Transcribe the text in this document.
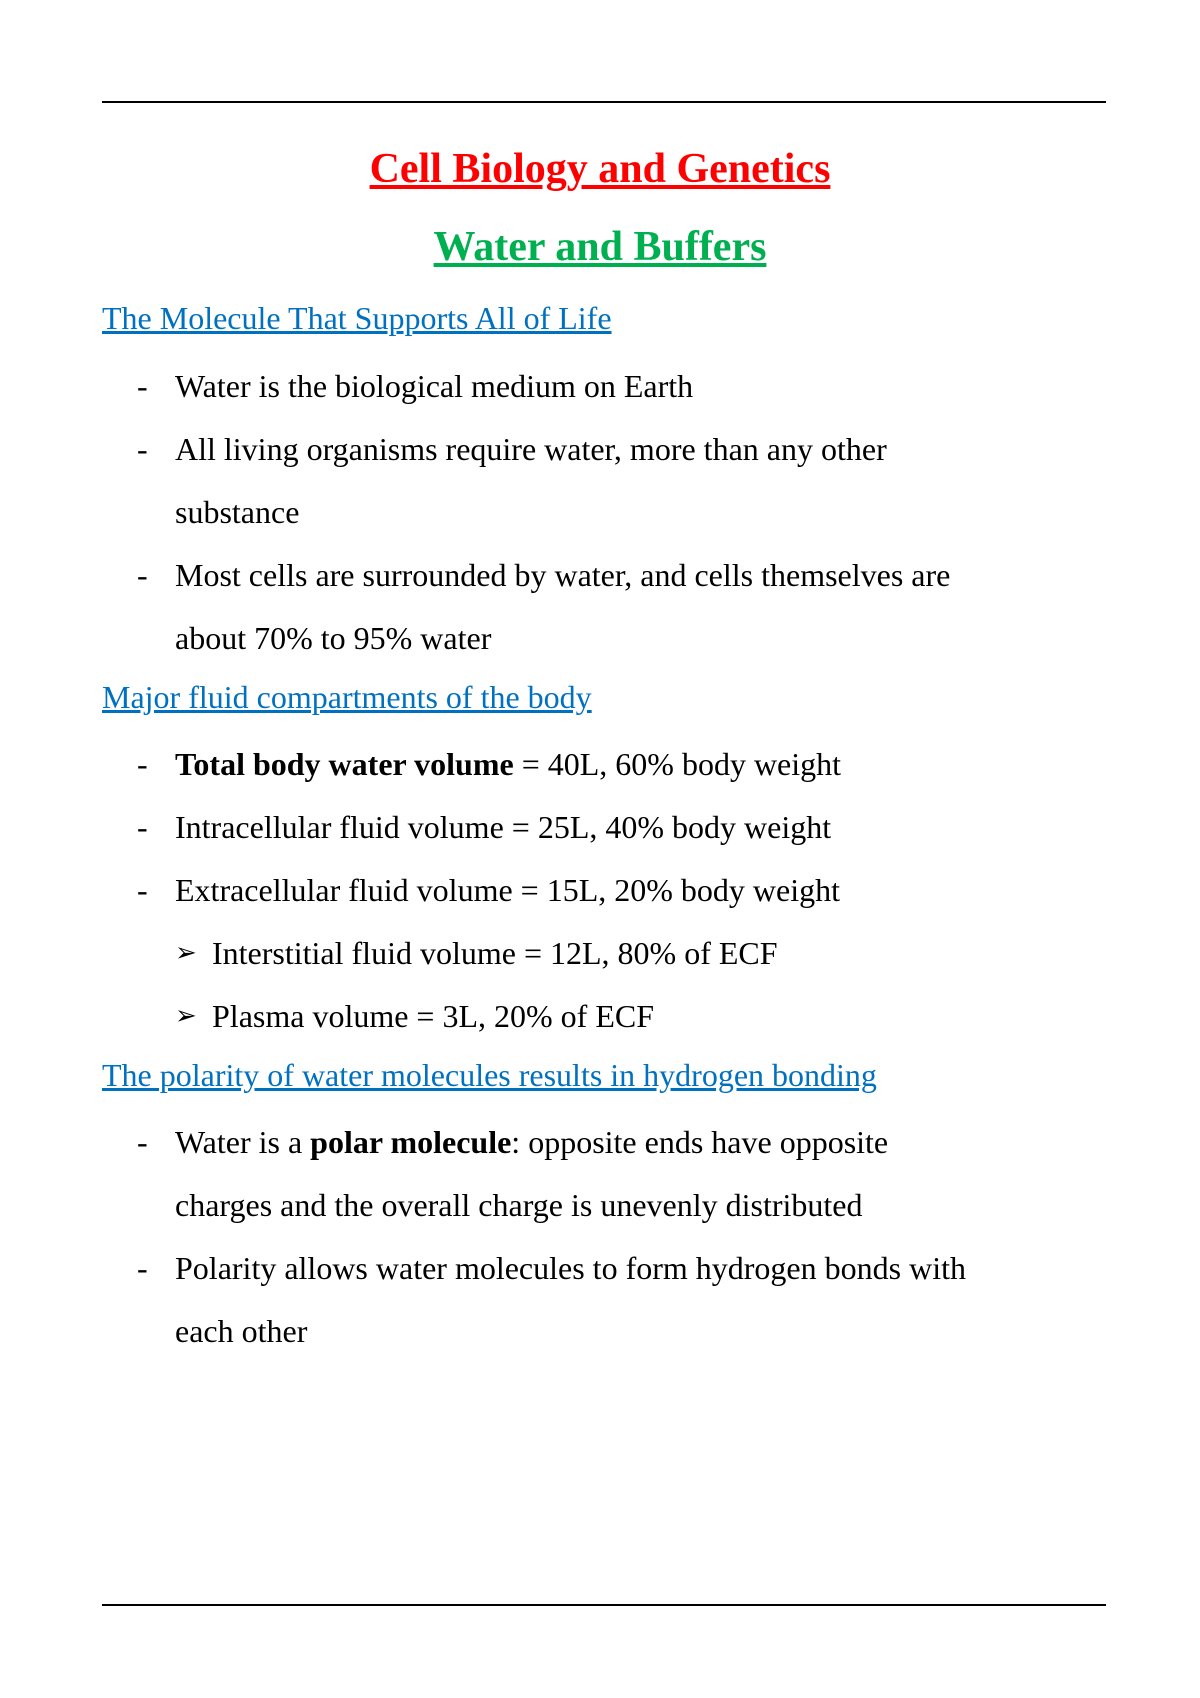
Cell Biology and Genetics
Water and Buffers
The Molecule That Supports All of Life
- Water is the biological medium on Earth
- All living organisms require water, more than any other
substance
- Most cells are surrounded by water, and cells themselves are
about 70% to 95% water
Major fluid compartments of the body
- Total body water volume = 40L, 60% body weight
- Intracellular fluid volume = 25L, 40% body weight
- Extracellular fluid volume = 15L, 20% body weight
➢ Interstitial fluid volume = 12L, 80% of ECF
➢ Plasma volume = 3L, 20% of ECF
The polarity of water molecules results in hydrogen bonding
- Water is a polar molecule: opposite ends have opposite
charges and the overall charge is unevenly distributed
- Polarity allows water molecules to form hydrogen bonds with
each other
